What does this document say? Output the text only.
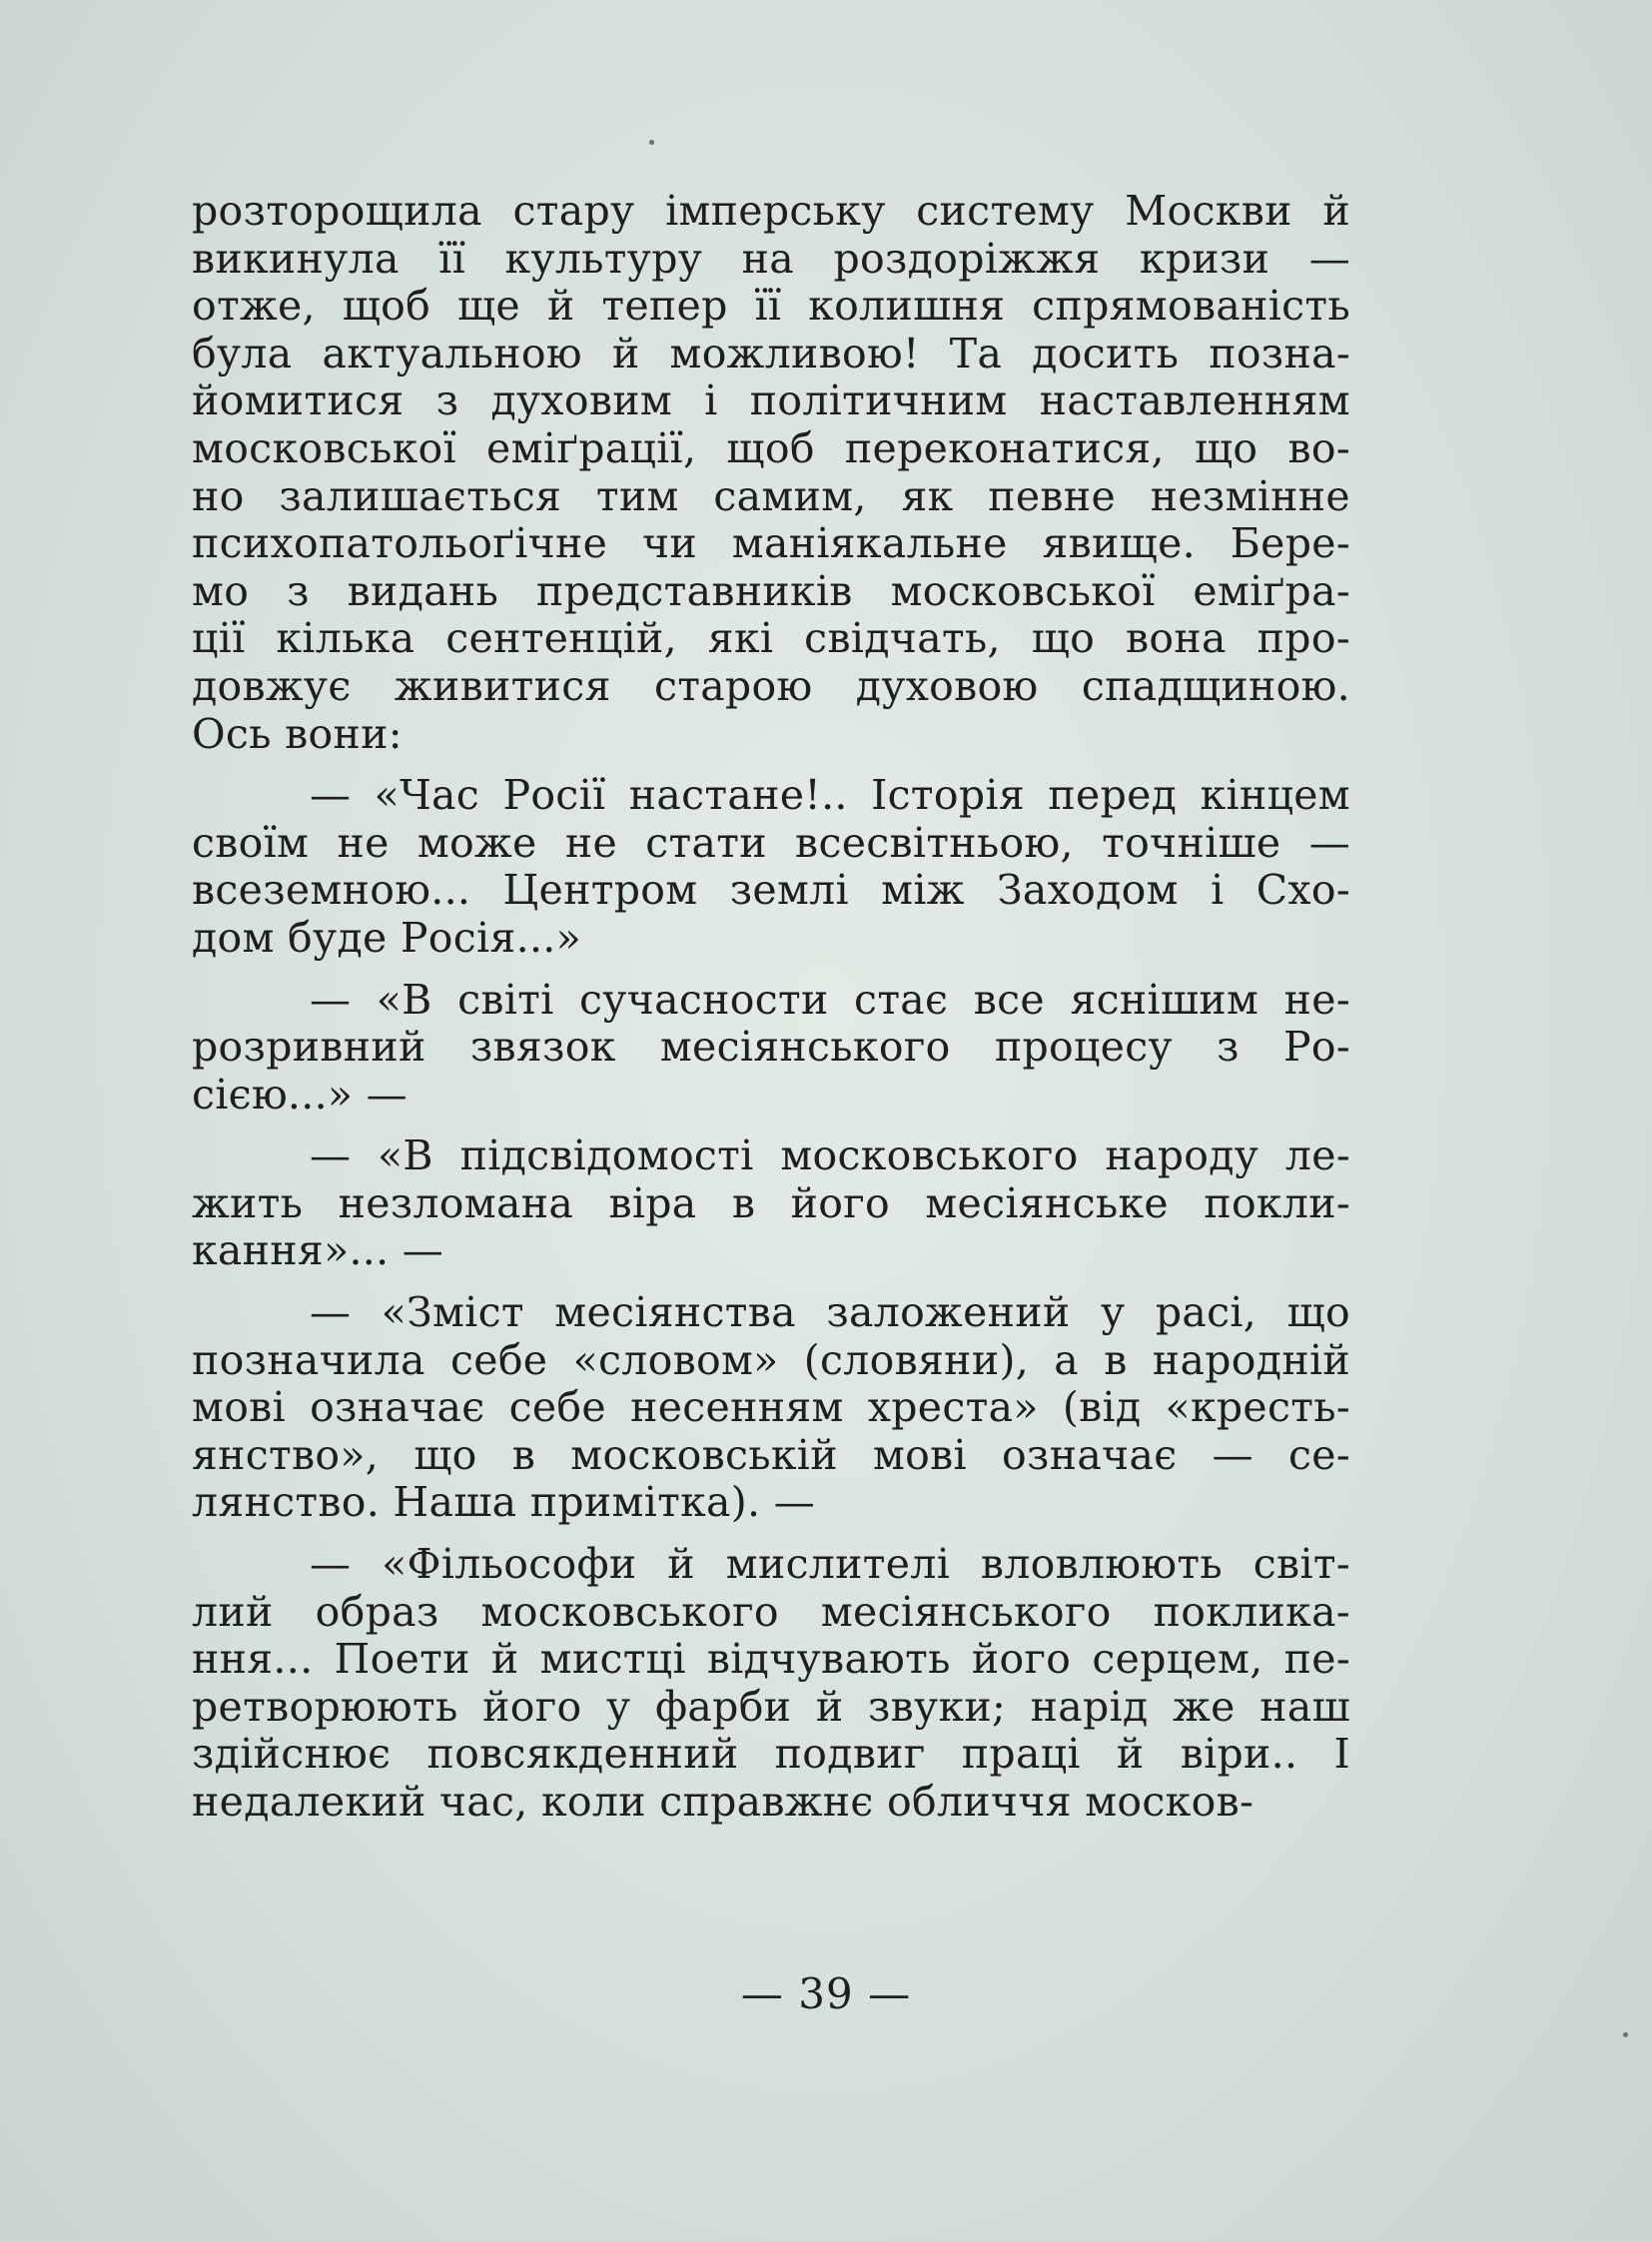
розторощила стару імперську систему Москви й
викинула її культуру на роздоріжжя кризи —
отже, щоб ще й тепер її колишня спрямованість
була актуальною й можливою! Та досить позна-
йомитися з духовим і політичним наставленням
московської еміґрації, щоб переконатися, що во-
но залишається тим самим, як певне незмінне
психопатольоґічне чи маніякальне явище. Бере-
мо з видань представників московської еміґра-
ції кілька сентенцій, які свідчать, що вона про-
довжує живитися старою духовою спадщиною.
Ось вони:
— «Час Росії настане!.. Історія перед кінцем
своїм не може не стати всесвітньою, точніше —
всеземною... Центром землі між Заходом і Схо-
дом буде Росія...»
— «В світі сучасности стає все яснішим не-
розривний звязок месіянського процесу з Ро-
сією...» —
— «В підсвідомості московського народу ле-
жить незломана віра в його месіянське покли-
кання»... —
— «Зміст месіянства заложений у расі, що
позначила себе «словом» (словяни), а в народній
мові означає себе несенням хреста» (від «кресть-
янство», що в московській мові означає — се-
лянство. Наша примітка). —
— «Фільософи й мислителі вловлюють світ-
лий образ московського месіянського поклика-
ння... Поети й мистці відчувають його серцем, пе-
ретворюють його у фарби й звуки; нарід же наш
здійснює повсякденний подвиг праці й віри.. І
недалекий час, коли справжнє обличчя москов-
— 39 —
